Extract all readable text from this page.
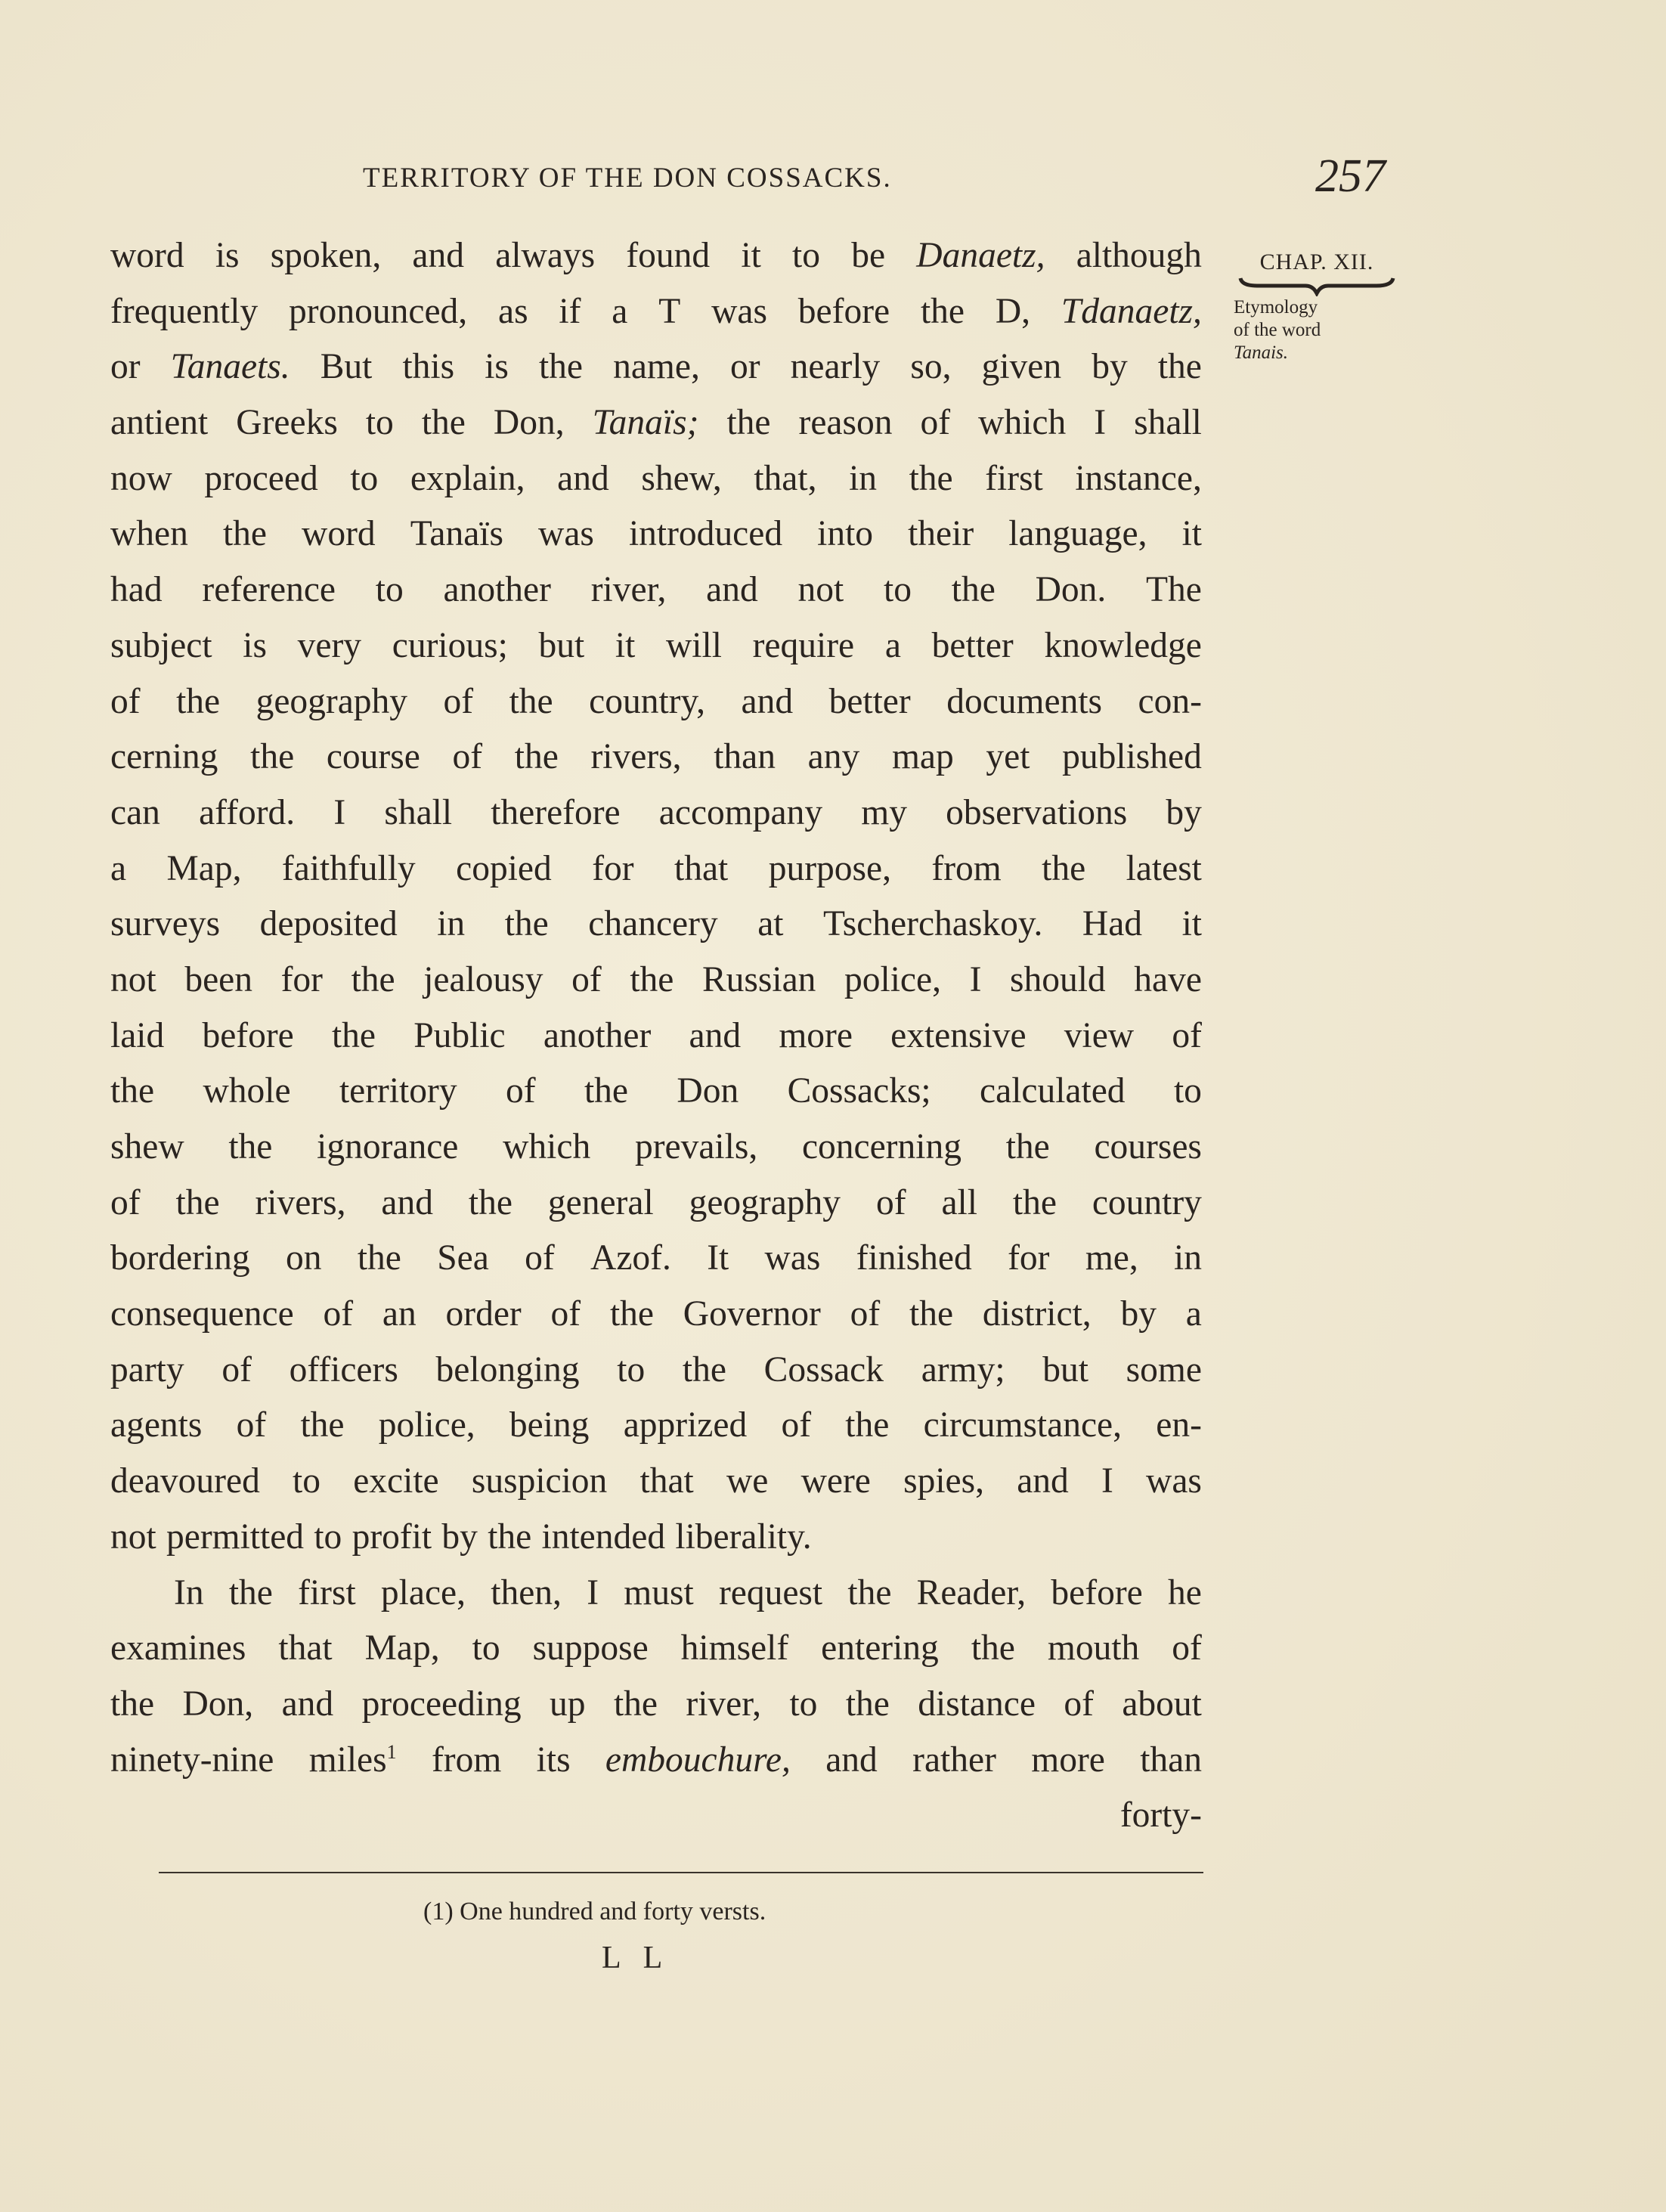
TERRITORY OF THE DON COSSACKS.	257
CHAP. XII.
Etymology
of the word
Tanais.
word is spoken, and always found it to be Danaetz, although
frequently pronounced, as if a T was before the D, Tdanaetz,
or Tanaets. But this is the name, or nearly so, given by the
antient Greeks to the Don, Tanaïs; the reason of which I shall
now proceed to explain, and shew, that, in the first instance,
when the word Tanaïs was introduced into their language, it
had reference to another river, and not to the Don. The
subject is very curious; but it will require a better knowledge
of the geography of the country, and better documents con-
cerning the course of the rivers, than any map yet published
can afford. I shall therefore accompany my observations by
a Map, faithfully copied for that purpose, from the latest
surveys deposited in the chancery at Tscherchaskoy. Had it
not been for the jealousy of the Russian police, I should have
laid before the Public another and more extensive view of
the whole territory of the Don Cossacks; calculated to
shew the ignorance which prevails, concerning the courses
of the rivers, and the general geography of all the country
bordering on the Sea of Azof. It was finished for me, in
consequence of an order of the Governor of the district, by a
party of officers belonging to the Cossack army; but some
agents of the police, being apprized of the circumstance, en-
deavoured to excite suspicion that we were spies, and I was
not permitted to profit by the intended liberality.
In the first place, then, I must request the Reader, before he
examines that Map, to suppose himself entering the mouth of
the Don, and proceeding up the river, to the distance of about
ninety-nine miles$^1$ from its embouchure, and rather more than
forty-
(1) One hundred and forty versts.
L L
